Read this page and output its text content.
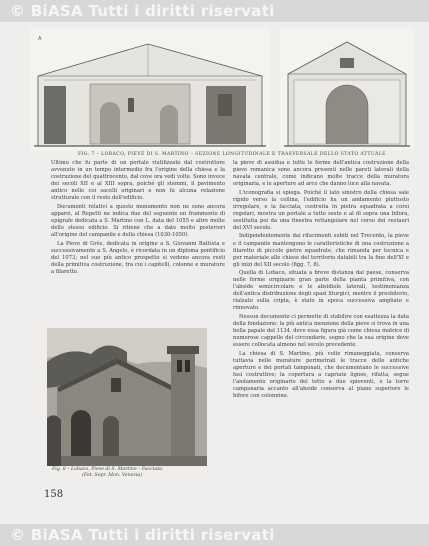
© BiASA Tutti i diritti riservati
A
FIG. 7 – LOBACO, PIEVE DI S. MARTINO – SEZIONE LONGITUDINALE E TRASVERSALE DELLO STATO ATTUALE

Ultimo che fu parte di un portale riutilizzato dal costruttore avvenuto in un tempo intermedio fra l'origine della chiesa e la costruzione del quattrocento, dal cove ora vedi volte. Sono invece dei secoli XII e al XIII sopra, poiché gli stemmi, il pavimento antico nelle coi sacelli originari e non fu alcuna relazione strutturale con il resto dell'edificio.

Documenti relativi a questo monumento non ne sono ancora apparsi, al Repetti ne indica due del seguente en frammento di epigrafe dedicata a S. Martino con L. data del 1055 e altre molte dello stesso edificio. Si ritiene che a date molto posteriori all'origine del campanile e della chiesa (1030-1050).

La Pieve di Grès, dedicata in origine a S. Giovanni Battista e successivamente a S. Angelo, è ricordata in un diploma pontificio del 1073; nel suo più antico prospetto si vedono ancora resti della primitiva costruzione, tra cui i capitelli, colonne e murature a filaretto.

Fig. 8 – Lobaco, Pieve di S. Martino – Facciata.
(Fot. Sopr. Mon. Venezia)

la pieve di assidua e tutte le forme dell'antica costruzione della pieve romanica sono ancora presenti nelle pareti laterali della navata centrale, come indicano molte tracce della muratura originaria, e le aperture ad arco che danno luce alla navata.

L'iconografia si spiega. Poiché il lato sinistro della chiesa sale ripido verso la collina, l'edificio ha un andamento piuttosto irregolare, e la facciata, costruita in pietra squadrata a corsi regolari, mostra un portale a tutto sesto e al di sopra una bifora, sostituita poi da una finestra rettangolare nel corso dei restauri del XVI secolo.

Indipendentemente dai rifacimenti subiti nel Trecento, la pieve e il campanile mantengono le caratteristiche di una costruzione a filaretto di piccole pietre squadrate, che rimanda per tecnica e per materiale alle chiese del territorio databili tra la fine dell'XI e gli inizi del XII secolo (figg. 7, 8).

Quella di Lobaco, situata a breve distanza dal paese, conserva nelle forme originarie gran parte della pianta primitiva, con l'abside semicircolare e le absidiole laterali, testimonianza dell'antica distribuzione degli spazi liturgici, mentre il presbiterio, rialzato sulla cripta, è stato in epoca successiva ampliato e rinnovato.

Nessun documento ci permette di stabilire con esattezza la data della fondazione: la più antica menzione della pieve si trova in una bolla papale del 1134, dove essa figura già come chiesa matrice di numerose cappelle del circondario, segno che la sua origine deve essere collocata almeno nel secolo precedente.

La chiesa di S. Martino, più volte rimaneggiata, conserva tuttavia nelle murature perimetrali le tracce delle antiche aperture e dei portali tamponati, che documentano le successive fasi costruttive; la copertura a capriate lignee, rifatta, segue l'andamento originario del tetto a due spioventi, e la torre campanaria accanto all'abside conserva al piano superiore le bifore con colonnine.

158
© BiASA Tutti i diritti riservati
